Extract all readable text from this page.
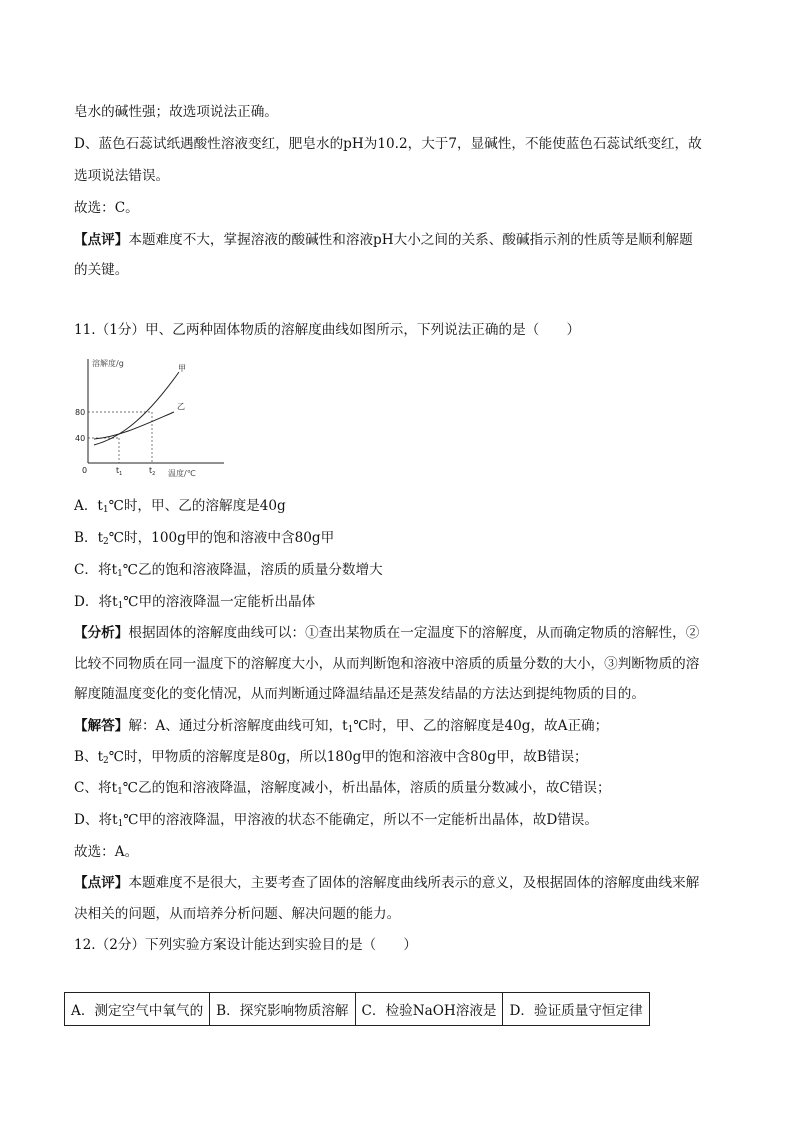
皂水的碱性强；故选项说法正确。
D、蓝色石蕊试纸遇酸性溶液变红，肥皂水的pH为10.2，大于7，显碱性，不能使蓝色石蕊试纸变红，故
选项说法错误。
故选：C。
【点评】本题难度不大，掌握溶液的酸碱性和溶液pH大小之间的关系、酸碱指示剂的性质等是顺利解题
的关键。
11.（1分）甲、乙两种固体物质的溶解度曲线如图所示，下列说法正确的是（　　）
溶解度/g
温度/℃
80
40
0	$t_1$	$t_2$
甲
乙
A．$t_1℃$时，甲、乙的溶解度是40g
B．$t_2℃$时，100g甲的饱和溶液中含80g甲
C．将$t_1℃$乙的饱和溶液降温，溶质的质量分数增大
D．将$t_1℃$甲的溶液降温一定能析出晶体
【分析】根据固体的溶解度曲线可以：①查出某物质在一定温度下的溶解度，从而确定物质的溶解性，②
比较不同物质在同一温度下的溶解度大小，从而判断饱和溶液中溶质的质量分数的大小，③判断物质的溶
解度随温度变化的变化情况，从而判断通过降温结晶还是蒸发结晶的方法达到提纯物质的目的。
【解答】解：A、通过分析溶解度曲线可知，$t_1℃$时，甲、乙的溶解度是40g，故A正确；
B、$t_2℃$时，甲物质的溶解度是80g，所以180g甲的饱和溶液中含80g甲，故B错误；
C、将$t_1℃$乙的饱和溶液降温，溶解度减小，析出晶体，溶质的质量分数减小，故C错误；
D、将$t_1℃$甲的溶液降温，甲溶液的状态不能确定，所以不一定能析出晶体，故D错误。
故选：A。
【点评】本题难度不是很大，主要考查了固体的溶解度曲线所表示的意义，及根据固体的溶解度曲线来解
决相关的问题，从而培养分析问题、解决问题的能力。
12.（2分）下列实验方案设计能达到实验目的是（　　）
A．测定空气中氧气的	B．探究影响物质溶解	C．检验NaOH溶液是	D．验证质量守恒定律
